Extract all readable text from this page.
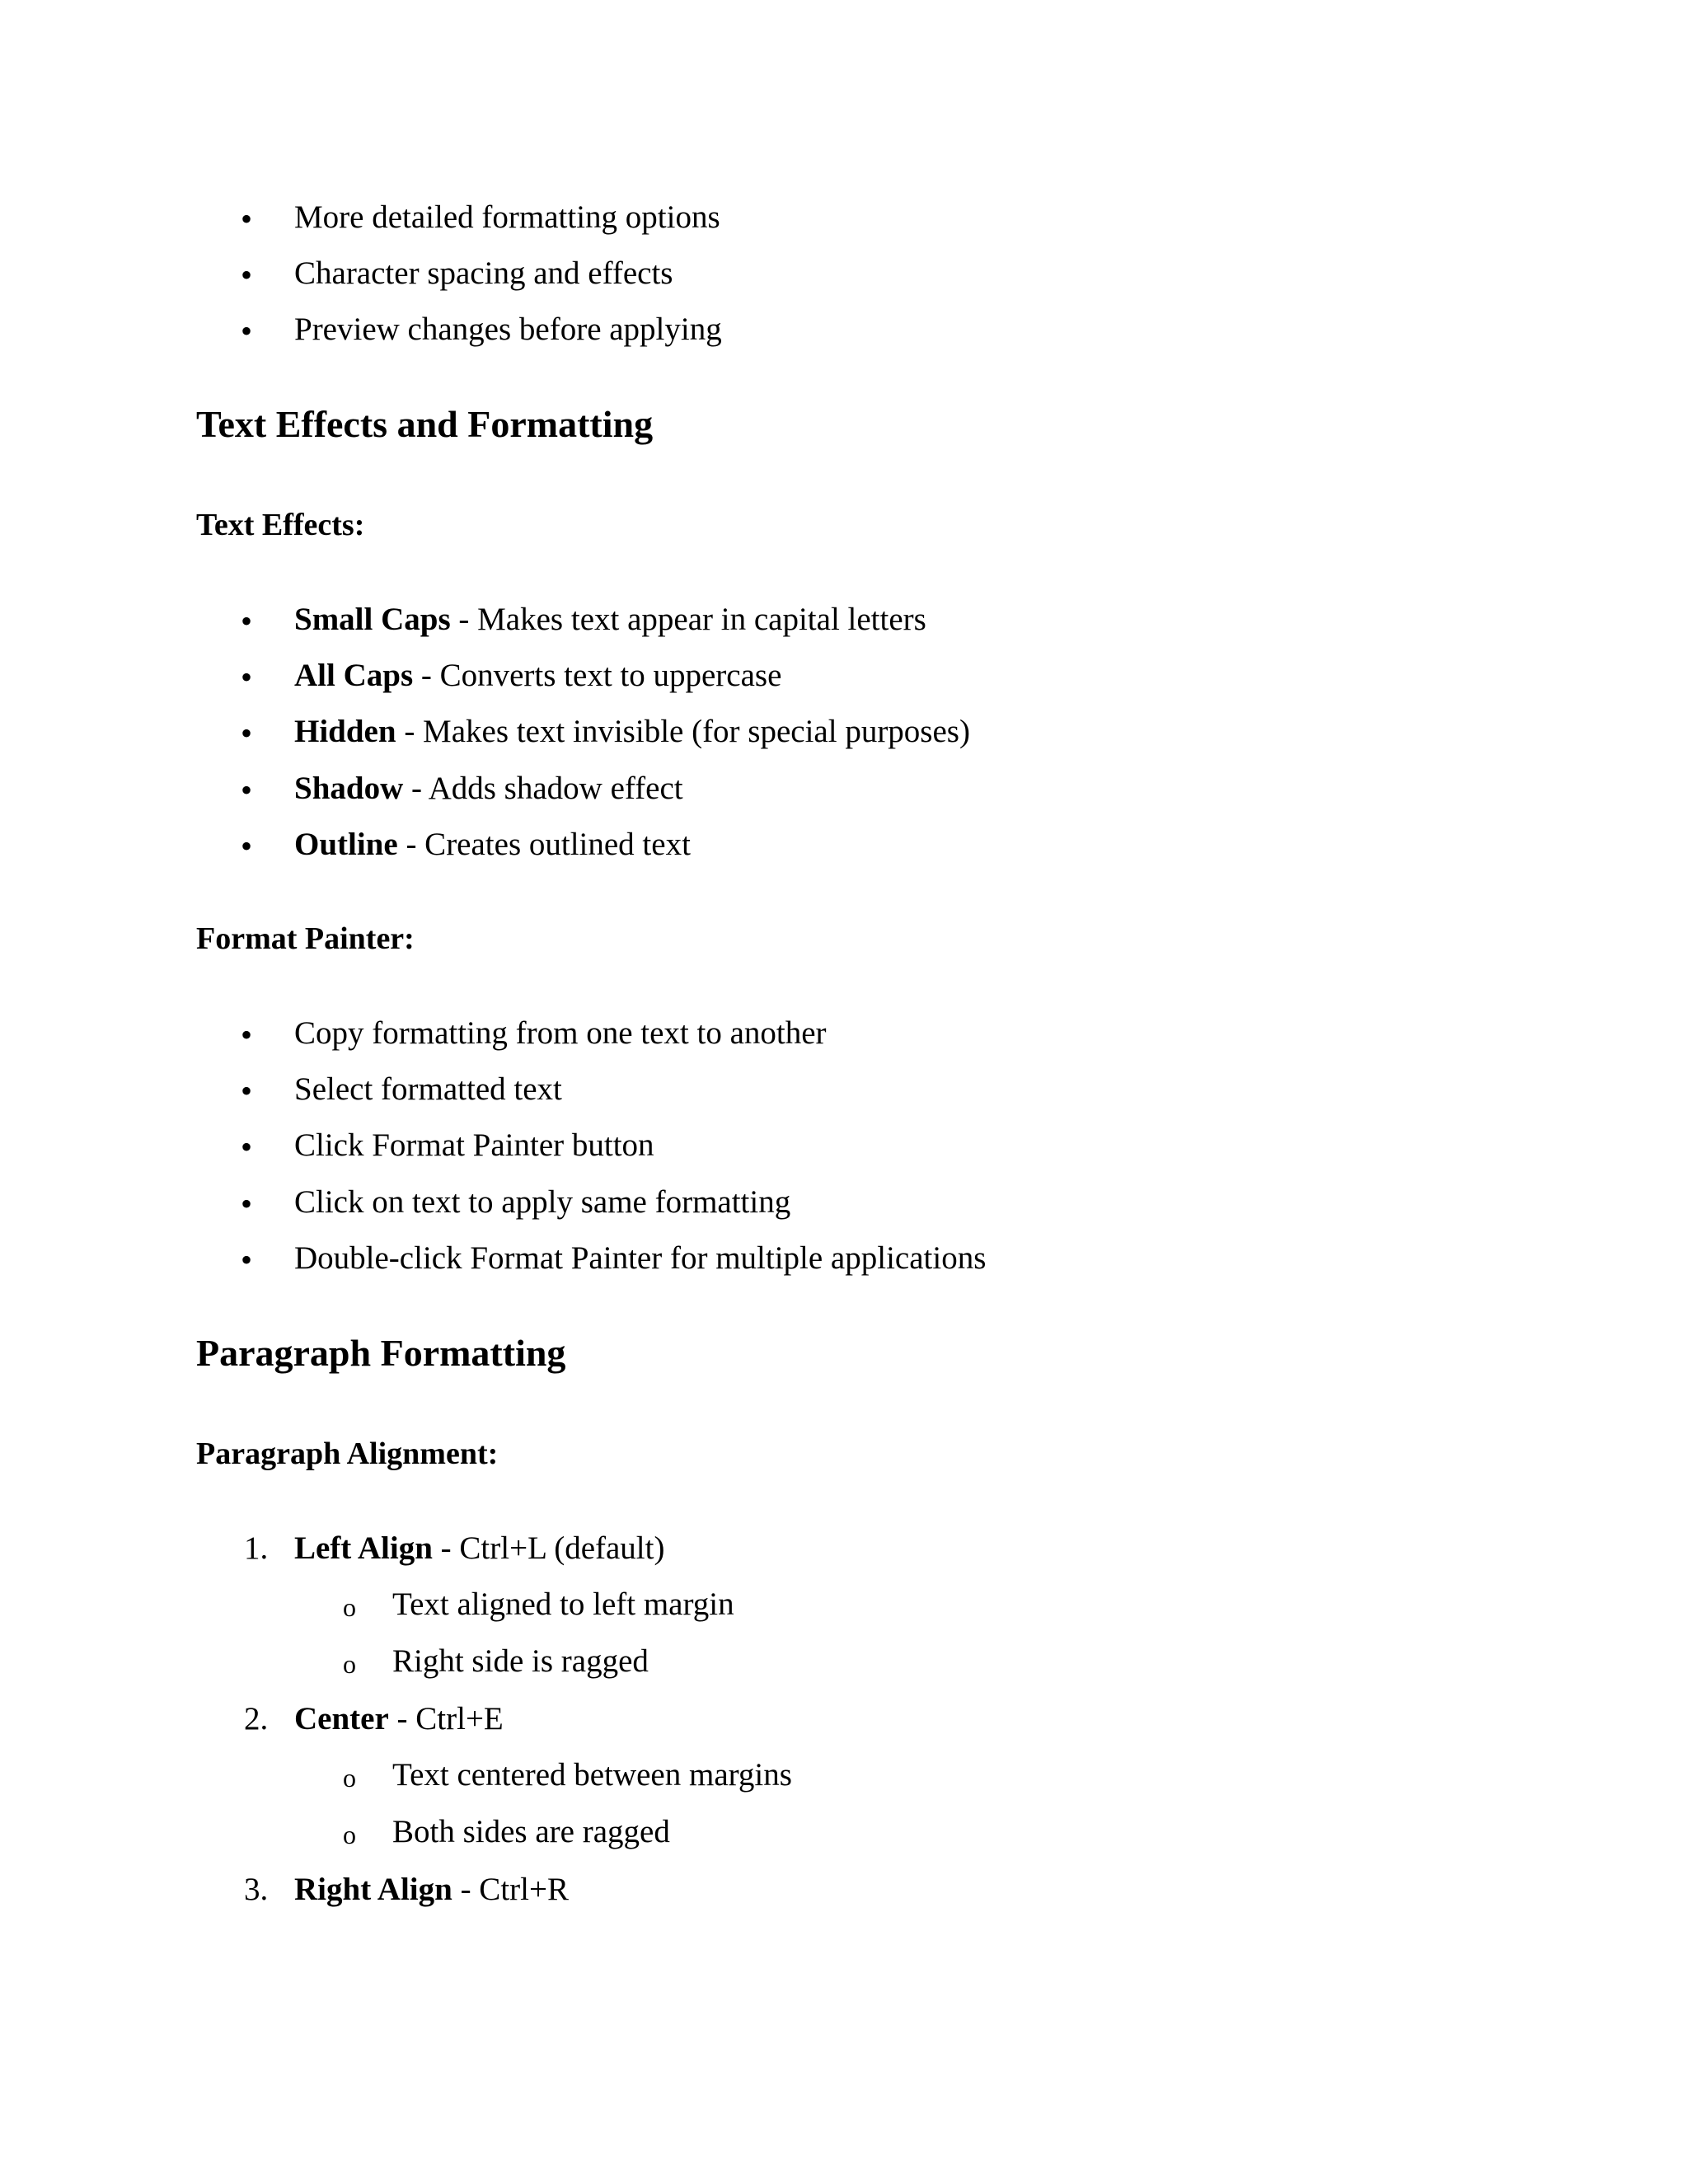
• More detailed formatting options
• Character spacing and effects
• Preview changes before applying
Text Effects and Formatting
Text Effects:
• Small Caps - Makes text appear in capital letters
• All Caps - Converts text to uppercase
• Hidden - Makes text invisible (for special purposes)
• Shadow - Adds shadow effect
• Outline - Creates outlined text
Format Painter:
• Copy formatting from one text to another
• Select formatted text
• Click Format Painter button
• Click on text to apply same formatting
• Double-click Format Painter for multiple applications
Paragraph Formatting
Paragraph Alignment:
1. Left Align - Ctrl+L (default)
o Text aligned to left margin
o Right side is ragged
2. Center - Ctrl+E
o Text centered between margins
o Both sides are ragged
3. Right Align - Ctrl+R
